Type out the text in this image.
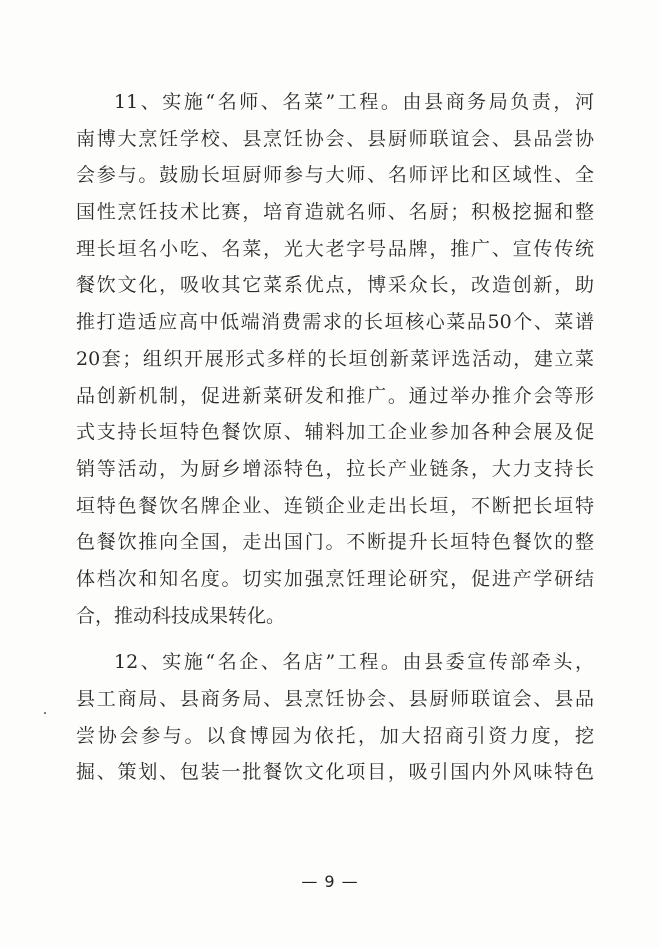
11、实施“名师、名菜”工程。由县商务局负责，河
南博大烹饪学校、县烹饪协会、县厨师联谊会、县品尝协
会参与。鼓励长垣厨师参与大师、名师评比和区域性、全
国性烹饪技术比赛，培育造就名师、名厨；积极挖掘和整
理长垣名小吃、名菜，光大老字号品牌，推广、宣传传统
餐饮文化，吸收其它菜系优点，博采众长，改造创新，助
推打造适应高中低端消费需求的长垣核心菜品50个、菜谱
20套；组织开展形式多样的长垣创新菜评选活动，建立菜
品创新机制，促进新菜研发和推广。通过举办推介会等形
式支持长垣特色餐饮原、辅料加工企业参加各种会展及促
销等活动，为厨乡增添特色，拉长产业链条，大力支持长
垣特色餐饮名牌企业、连锁企业走出长垣，不断把长垣特
色餐饮推向全国，走出国门。不断提升长垣特色餐饮的整
体档次和知名度。切实加强烹饪理论研究，促进产学研结
合，推动科技成果转化。

12、实施“名企、名店”工程。由县委宣传部牵头，
县工商局、县商务局、县烹饪协会、县厨师联谊会、县品
尝协会参与。以食博园为依托，加大招商引资力度，挖
掘、策划、包装一批餐饮文化项目，吸引国内外风味特色

— 9 —
